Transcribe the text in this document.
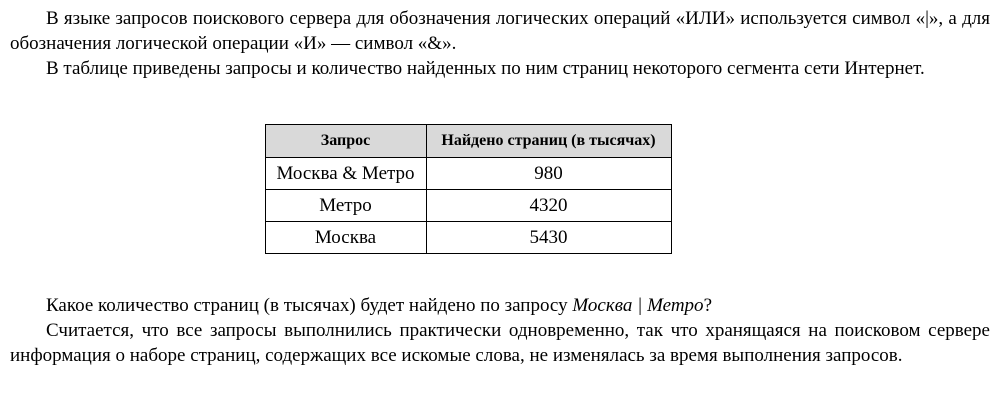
В языке запросов поискового сервера для обозначения логических операций «ИЛИ» используется символ «|», а для обозначения логической операции «И» — символ «&».

В таблице приведены запросы и количество найденных по ним страниц некоторого сегмента сети Интернет.

Запрос	Найдено страниц (в тысячах)
Москва & Метро	980
Метро	4320
Москва	5430

Какое количество страниц (в тысячах) будет найдено по запросу Москва | Метро?

Считается, что все запросы выполнились практически одновременно, так что хранящаяся на поисковом сервере информация о наборе страниц, содержащих все искомые слова, не изменялась за время выполнения запросов.
